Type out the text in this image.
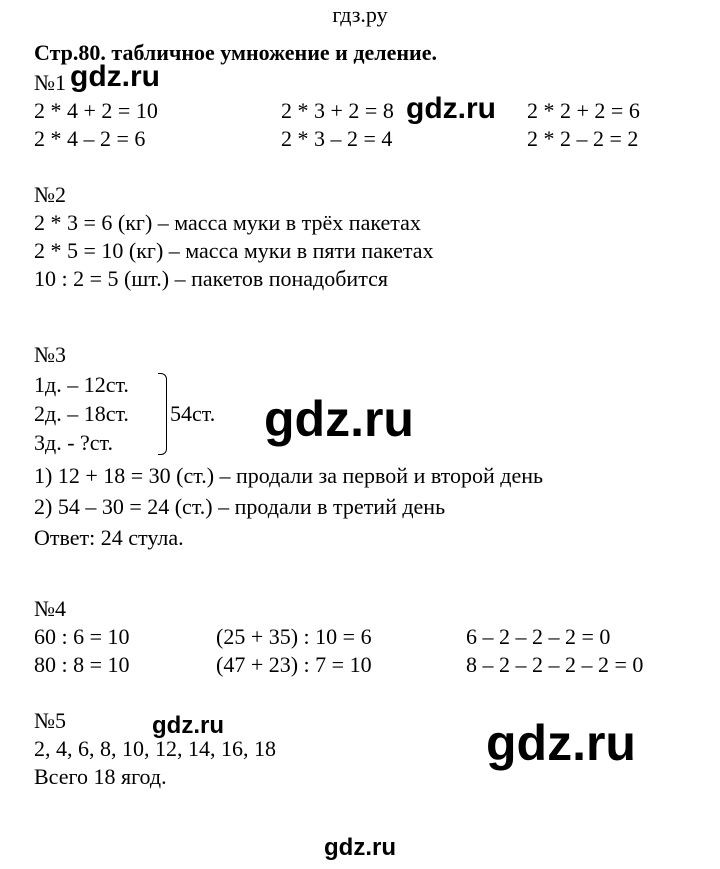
гдз.ру
Стр.80. табличное умножение и деление.
№1
2 * 4 + 2 = 10
2 * 4 – 2 = 6
2 * 3 + 2 = 8
2 * 3 – 2 = 4
2 * 2 + 2 = 6
2 * 2 – 2 = 2
№2
2 * 3 = 6 (кг) – масса муки в трёх пакетах
2 * 5 = 10 (кг) – масса муки в пяти пакетах
10 : 2 = 5 (шт.) – пакетов понадобится
№3
1д. – 12ст.
2д. – 18ст.
3д. - ?ст.
54ст.
1) 12 + 18 = 30 (ст.) – продали за первой и второй день
2) 54 – 30 = 24 (ст.) – продали в третий день
Ответ: 24 стула.
№4
60 : 6 = 10
80 : 8 = 10
(25 + 35) : 10 = 6
(47 + 23) : 7 = 10
6 – 2 – 2 – 2 = 0
8 – 2 – 2 – 2 – 2 = 0
№5
2, 4, 6, 8, 10, 12, 14, 16, 18
Всего 18 ягод.
gdz.ru
gdz.ru
gdz.ru
gdz.ru	gdz.ru
gdz.ru
